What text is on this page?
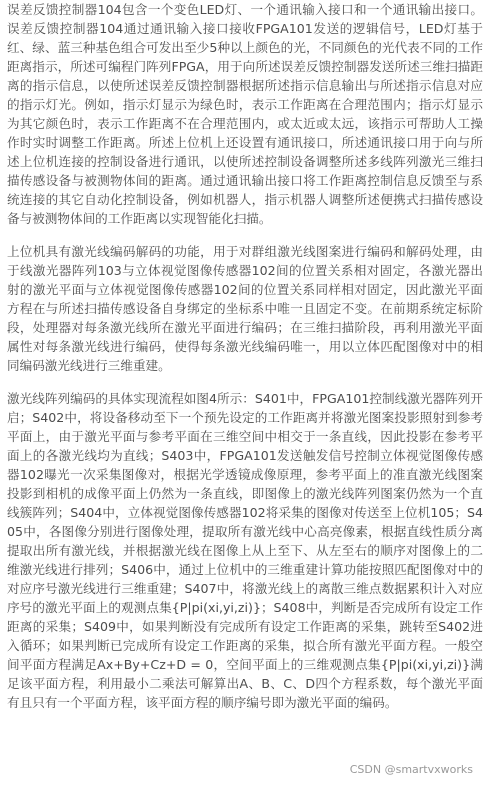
误差反馈控制器104包含一个变色LED灯、一个通讯输入接口和一个通讯输出接口。误差反馈控制器104通过通讯输入接口接收FPGA101发送的逻辑信号，LED灯基于红、绿、蓝三种基色组合可发出至少5种以上颜色的光，不同颜色的光代表不同的工作距离指示，所述可编程门阵列FPGA，用于向所述误差反馈控制器发送所述三维扫描距离的指示信息，以使所述误差反馈控制器根据所述指示信息输出与所述指示信息对应的指示灯光。例如，指示灯显示为绿色时，表示工作距离在合理范围内；指示灯显示为其它颜色时，表示工作距离不在合理范围内，或太近或太远，该指示可帮助人工操作时实时调整工作距离。所述上位机上还设置有通讯接口，所述通讯接口用于向与所述上位机连接的控制设备进行通讯，以使所述控制设备调整所述多线阵列激光三维扫描传感设备与被测物体间的距离。通过通讯输出接口将工作距离控制信息反馈至与系统连接的其它自动化控制设备，例如机器人，指示机器人调整所述便携式扫描传感设备与被测物体间的工作距离以实现智能化扫描。

上位机具有激光线编码解码的功能，用于对群组激光线图案进行编码和解码处理，由于线激光器阵列103与立体视觉图像传感器102间的位置关系相对固定，各激光器出射的激光平面与立体视觉图像传感器102间的位置关系同样相对固定，因此激光平面方程在与所述扫描传感设备自身绑定的坐标系中唯一且固定不变。在前期系统定标阶段，处理器对每条激光线所在激光平面进行编码；在三维扫描阶段，再利用激光平面属性对每条激光线进行编码，使得每条激光线编码唯一，用以立体匹配图像对中的相同编码激光线进行三维重建。

激光线阵列编码的具体实现流程如图4所示：S401中，FPGA101控制线激光器阵列开启；S402中，将设备移动至下一个预先设定的工作距离并将激光图案投影照射到参考平面上，由于激光平面与参考平面在三维空间中相交于一条直线，因此投影在参考平面上的各激光线均为直线；S403中，FPGA101发送触发信号控制立体视觉图像传感器102曝光一次采集图像对，根据光学透镜成像原理，参考平面上的准直激光线图案投影到相机的成像平面上仍然为一条直线，即图像上的激光线阵列图案仍然为一个直线簇阵列；S404中，立体视觉图像传感器102将采集的图像对传送至上位机105；S405中，各图像分别进行图像处理，提取所有激光线中心高亮像素，根据直线性质分离提取出所有激光线，并根据激光线在图像上从上至下、从左至右的顺序对图像上的二维激光线进行排列；S406中，通过上位机中的三维重建计算功能按照匹配图像对中的对应序号激光线进行三维重建；S407中，将激光线上的离散三维点数据累积计入对应序号的激光平面上的观测点集{P|pi(xi,yi,zi)}；S408中，判断是否完成所有设定工作距离的采集；S409中，如果判断没有完成所有设定工作距离的采集，跳转至S402进入循环；如果判断已完成所有设定工作距离的采集，拟合所有激光平面方程。一般空间平面方程满足Ax+By+Cz+D = 0，空间平面上的三维观测点集{P|pi(xi,yi,zi)}满足该平面方程，利用最小二乘法可解算出A、B、C、D四个方程系数，每个激光平面有且只有一个平面方程，该平面方程的顺序编号即为激光平面的编码。

CSDN @smartvxworks
